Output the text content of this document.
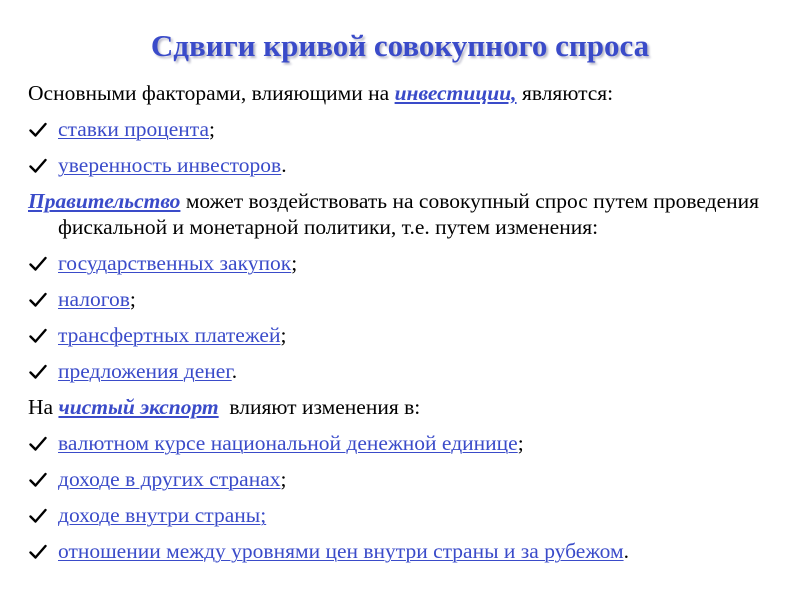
Сдвиги кривой совокупного спроса

Основными факторами, влияющими на инвестиции, являются:

ставки процента;
уверенность инвесторов.

Правительство может воздействовать на совокупный спрос путем проведения фискальной и монетарной политики, т.е. путем изменения:

государственных закупок;
налогов;
трансфертных платежей;
предложения денег.

На чистый экспорт  влияют изменения в:

валютном курсе национальной денежной единице;
доходе в других странах;
доходе внутри страны;
отношении между уровнями цен внутри страны и за рубежом.
